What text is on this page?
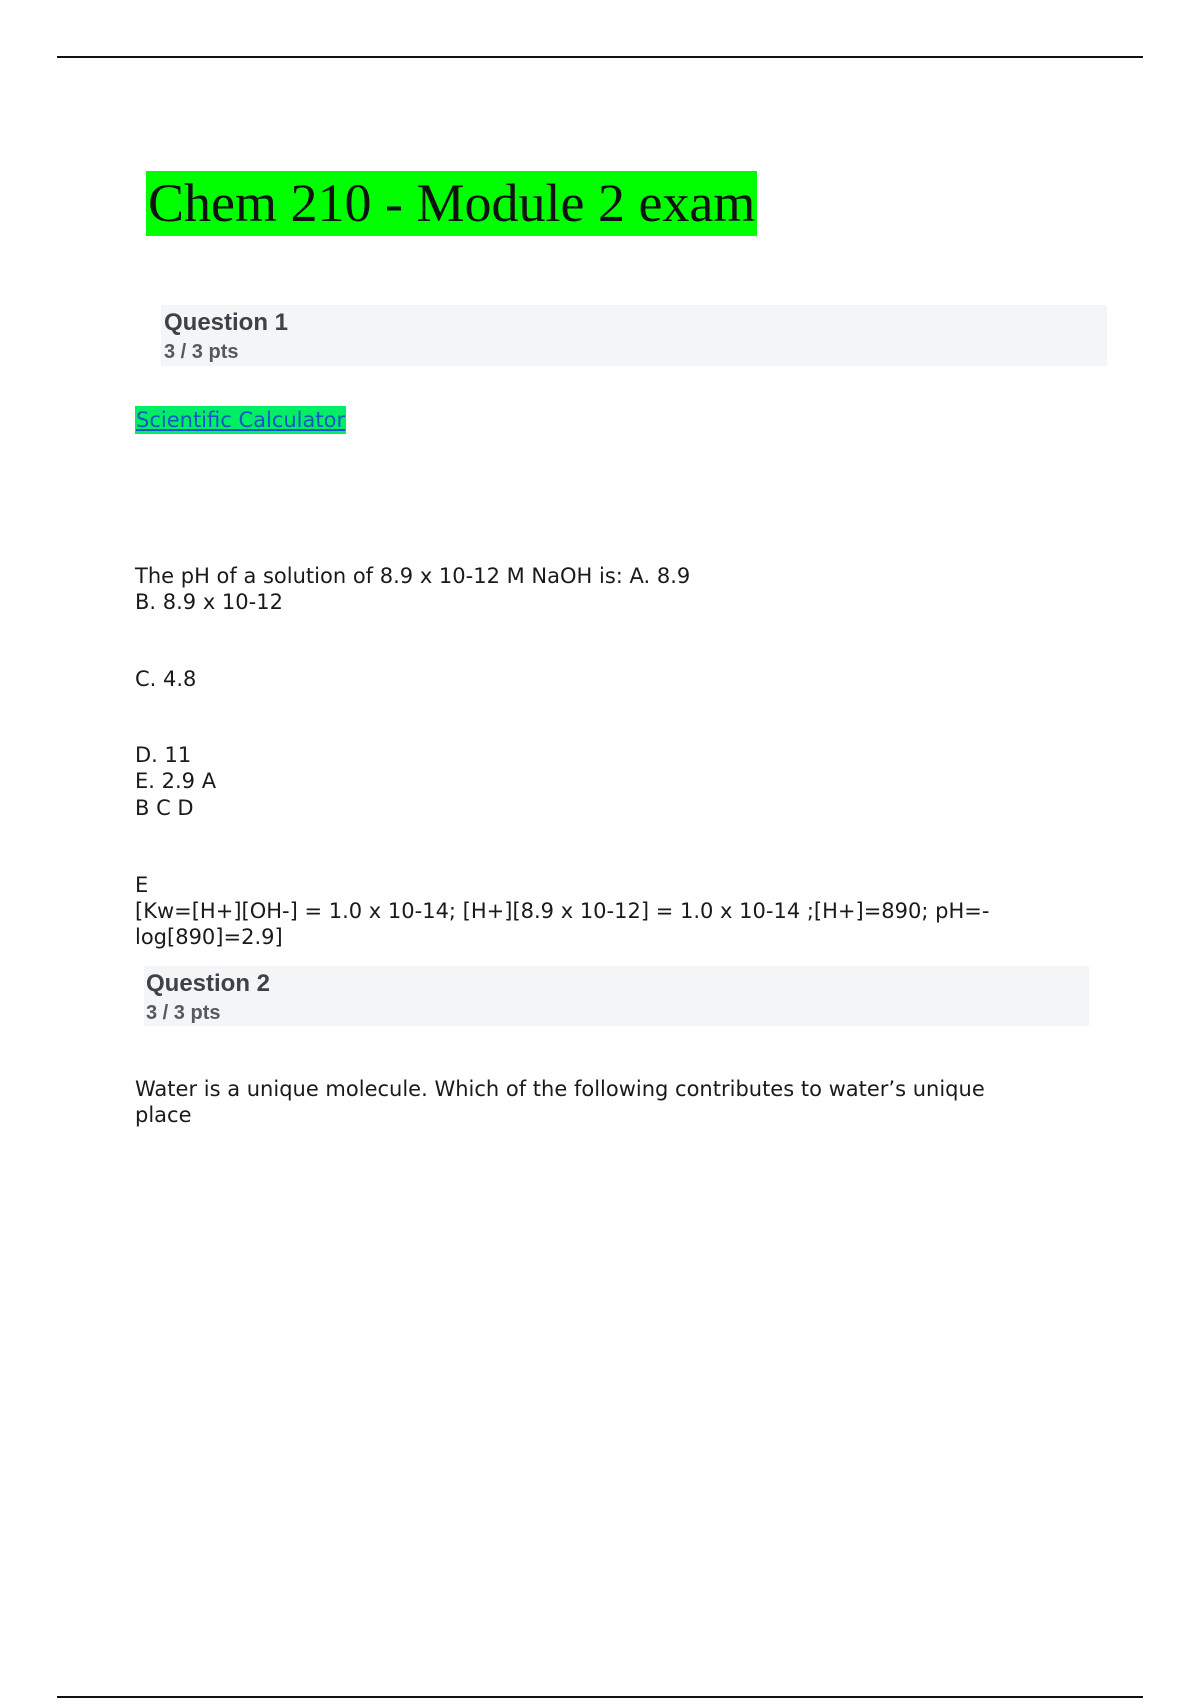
Chem 210 - Module 2 exam
Question 1
3 / 3 pts
Scientific Calculator
The pH of a solution of 8.9 x 10-12 M NaOH is: A. 8.9
B. 8.9 x 10-12
C. 4.8
D. 11
E. 2.9 A
B C D
E
[Kw=[H+][OH-] = 1.0 x 10-14; [H+][8.9 x 10-12] = 1.0 x 10-14 ;[H+]=890; pH=-
log[890]=2.9]
Question 2
3 / 3 pts
Water is a unique molecule. Which of the following contributes to water’s unique
place
